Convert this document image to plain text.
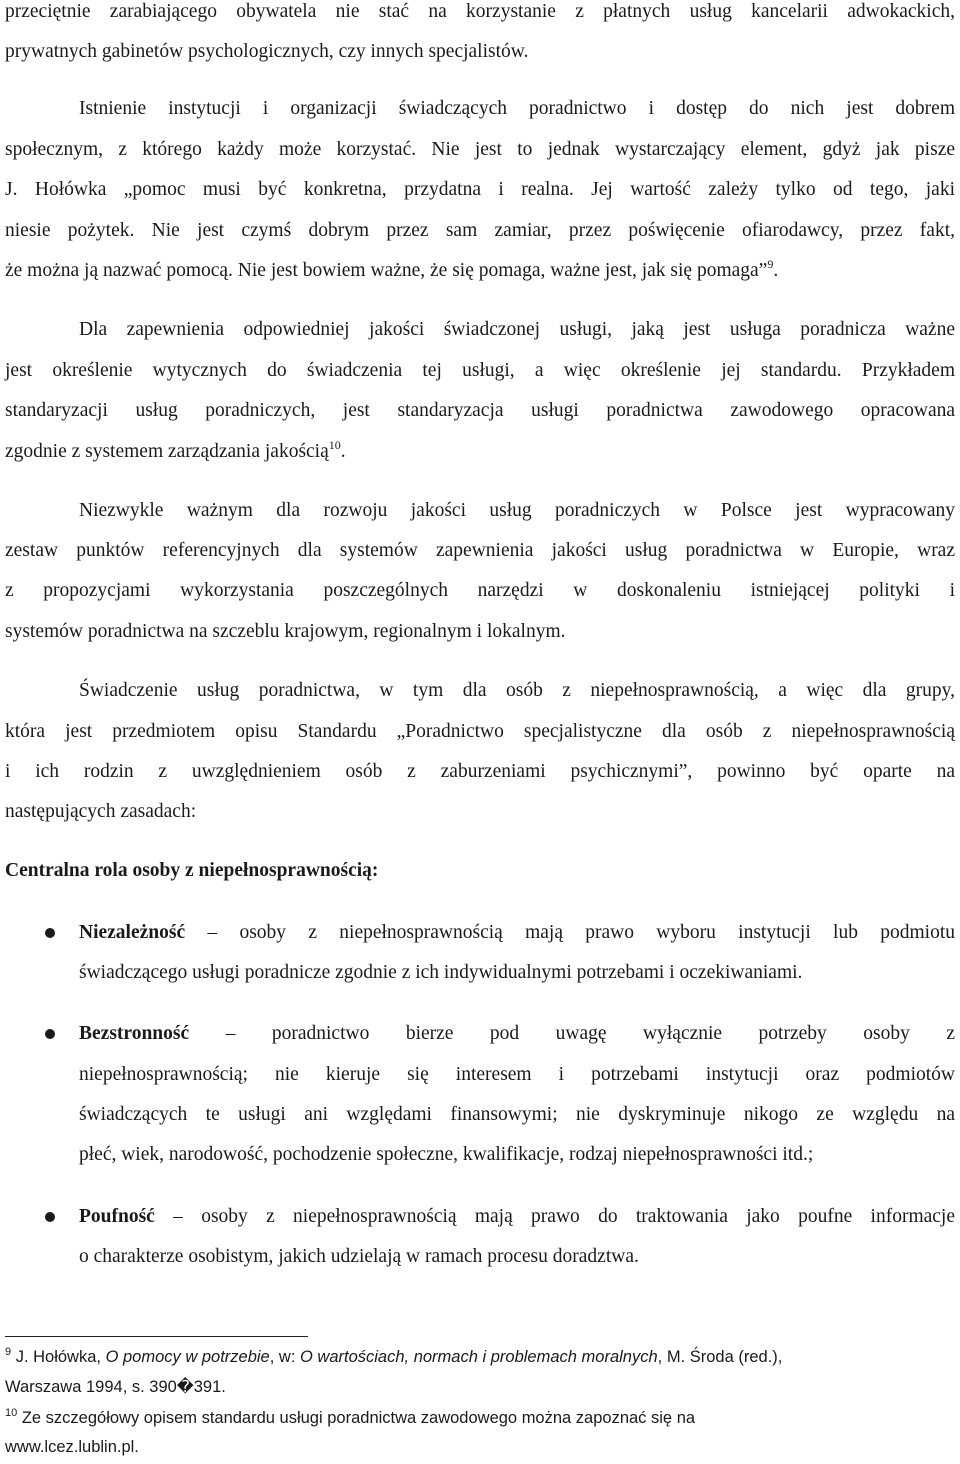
przeciętnie zarabiającego obywatela nie stać na korzystanie z płatnych usług kancelarii adwokackich,
prywatnych gabinetów psychologicznych, czy innych specjalistów.
Istnienie instytucji i organizacji świadczących poradnictwo i dostęp do nich jest dobrem
społecznym, z którego każdy może korzystać. Nie jest to jednak wystarczający element, gdyż jak pisze
J. Hołówka „pomoc musi być konkretna, przydatna i realna. Jej wartość zależy tylko od tego, jaki
niesie pożytek. Nie jest czymś dobrym przez sam zamiar, przez poświęcenie ofiarodawcy, przez fakt,
że można ją nazwać pomocą. Nie jest bowiem ważne, że się pomaga, ważne jest, jak się pomaga”$^9$.
Dla zapewnienia odpowiedniej jakości świadczonej usługi, jaką jest usługa poradnicza ważne
jest określenie wytycznych do świadczenia tej usługi, a więc określenie jej standardu. Przykładem
standaryzacji usług poradniczych, jest standaryzacja usługi poradnictwa zawodowego opracowana
zgodnie z systemem zarządzania jakością$^{10}$.
Niezwykle ważnym dla rozwoju jakości usług poradniczych w Polsce jest wypracowany
zestaw punktów referencyjnych dla systemów zapewnienia jakości usług poradnictwa w Europie, wraz
z propozycjami wykorzystania poszczególnych narzędzi w doskonaleniu istniejącej polityki i
systemów poradnictwa na szczeblu krajowym, regionalnym i lokalnym.
Świadczenie usług poradnictwa, w tym dla osób z niepełnosprawnością, a więc dla grupy,
która jest przedmiotem opisu Standardu „Poradnictwo specjalistyczne dla osób z niepełnosprawnością
i ich rodzin z uwzględnieniem osób z zaburzeniami psychicznymi”, powinno być oparte na
następujących zasadach:
Centralna rola osoby z niepełnosprawnością:
Niezależność – osoby z niepełnosprawnością mają prawo wyboru instytucji lub podmiotu
świadczącego usługi poradnicze zgodnie z ich indywidualnymi potrzebami i oczekiwaniami.
Bezstronność – poradnictwo bierze pod uwagę wyłącznie potrzeby osoby z
niepełnosprawnością; nie kieruje się interesem i potrzebami instytucji oraz podmiotów
świadczących te usługi ani względami finansowymi; nie dyskryminuje nikogo ze względu na
płeć, wiek, narodowość, pochodzenie społeczne, kwalifikacje, rodzaj niepełnosprawności itd.;
Poufność – osoby z niepełnosprawnością mają prawo do traktowania jako poufne informacje
o charakterze osobistym, jakich udzielają w ramach procesu doradztwa.
$^9$ J. Hołówka, O pomocy w potrzebie, w: O wartościach, normach i problemach moralnych, M. Środa (red.),
Warszawa 1994, s. 390�391.
$^{10}$ Ze szczegółowy opisem standardu usługi poradnictwa zawodowego można zapoznać się na
www.lcez.lublin.pl.
